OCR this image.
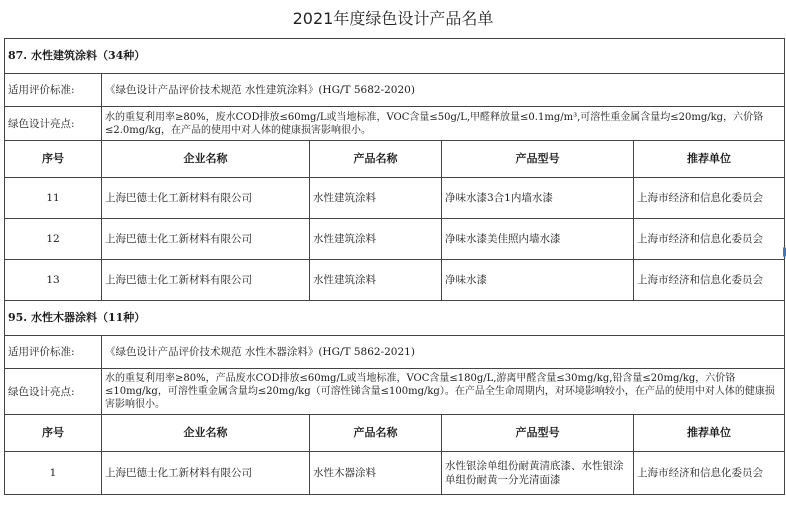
2021年度绿色设计产品名单
87. 水性建筑涂料（34种）				
适用评价标准:	《绿色设计产品评价技术规范 水性建筑涂料》(HG/T 5682-2020)			
绿色设计亮点:	水的重复利用率≥80%，废水COD排放≤60mg/L或当地标准，VOC含量≤50g/L,甲醛释放量≤0.1mg/m³,可溶性重金属含量均≤20mg/kg，六价铬≤2.0mg/kg，在产品的使用中对人体的健康损害影响很小。			
序号	企业名称	产品名称	产品型号	推荐单位
11	上海巴德士化工新材料有限公司	水性建筑涂料	净味水漆3合1内墙水漆	上海市经济和信息化委员会
12	上海巴德士化工新材料有限公司	水性建筑涂料	净味水漆美佳照内墙水漆	上海市经济和信息化委员会
13	上海巴德士化工新材料有限公司	水性建筑涂料	净味水漆	上海市经济和信息化委员会
95. 水性木器涂料（11种）				
适用评价标准:	《绿色设计产品评价技术规范 水性木器涂料》(HG/T 5862-2021)			
绿色设计亮点:	水的重复利用率≥80%，产品废水COD排放≤60mg/L或当地标准，VOC含量≤180g/L,游离甲醛含量≤30mg/kg,铅含量≤20mg/kg，六价铬≤10mg/kg，可溶性重金属含量均≤20mg/kg（可溶性锑含量≤100mg/kg）。在产品全生命周期内，对环境影响较小，在产品的使用中对人体的健康损害影响很小。			
序号	企业名称	产品名称	产品型号	推荐单位
1	上海巴德士化工新材料有限公司	水性木器涂料	水性银涂单组份耐黄清底漆、水性银涂单组份耐黄一分光清面漆	上海市经济和信息化委员会
